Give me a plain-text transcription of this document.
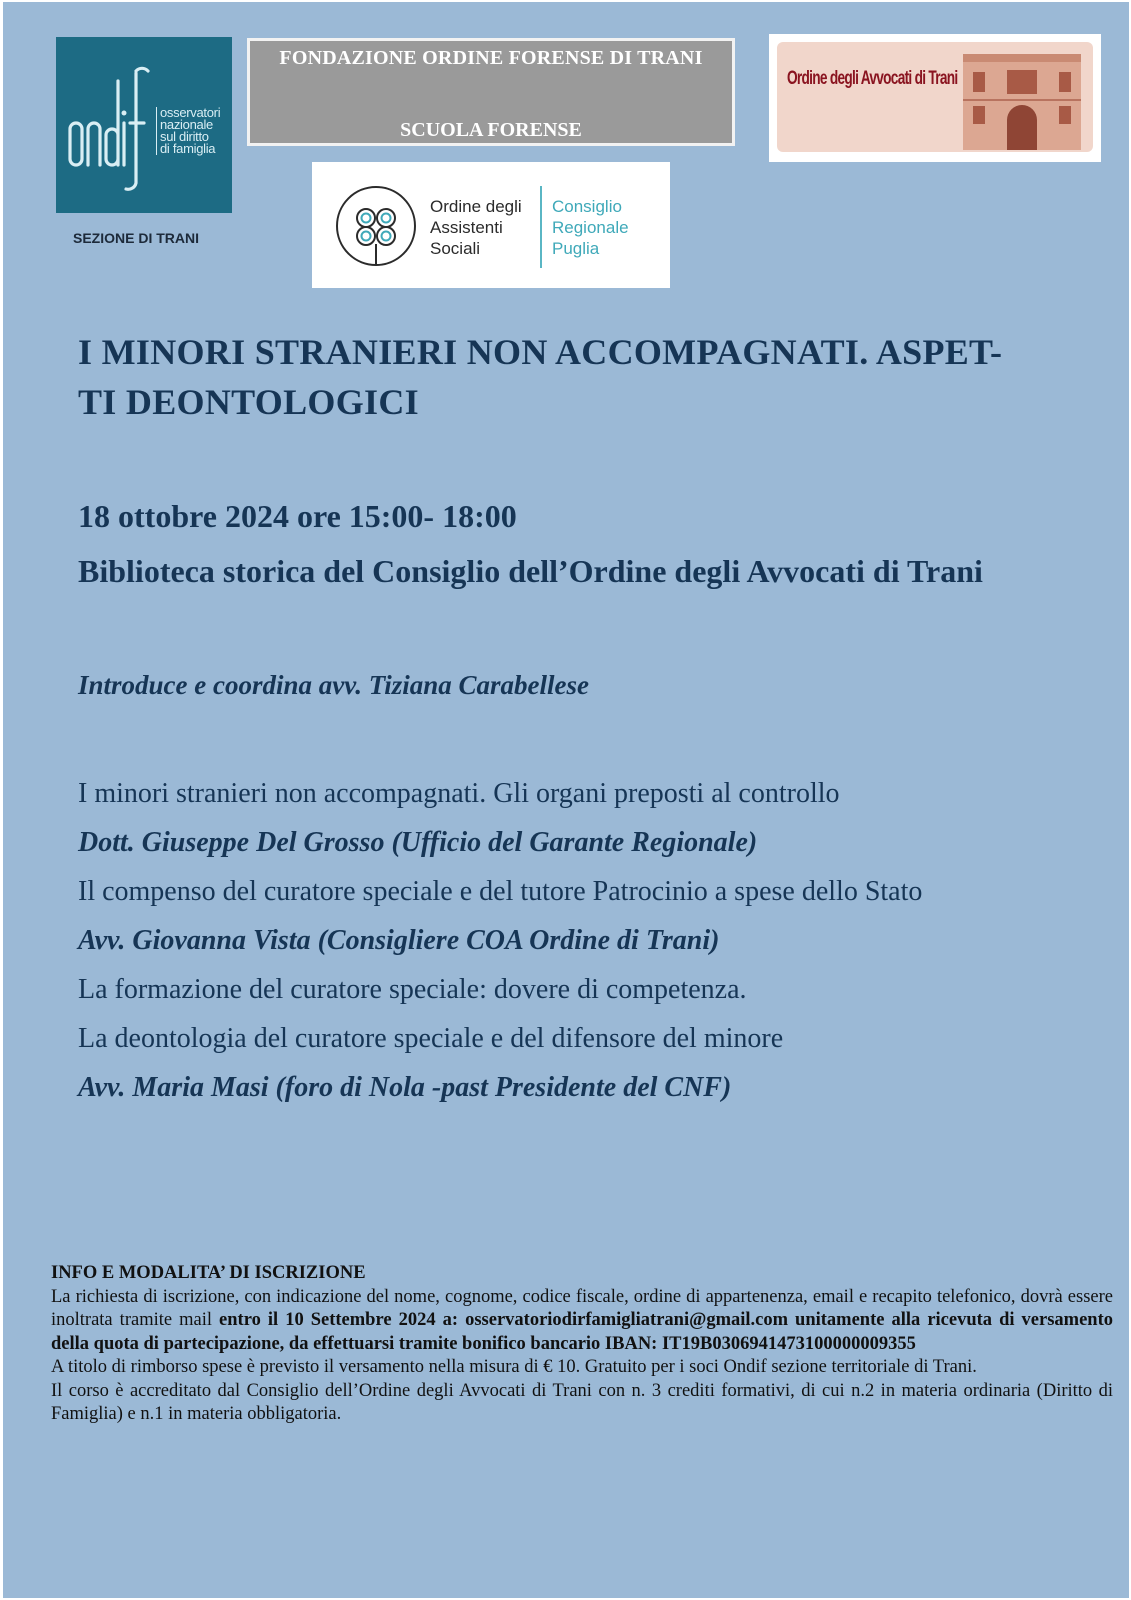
osservatori
nazionale
sul diritto
di famiglia
SEZIONE DI TRANI
FONDAZIONE ORDINE FORENSE DI TRANI
SCUOLA FORENSE
Ordine degli Avvocati di Trani
Ordine degli
Assistenti
Sociali
Consiglio
Regionale
Puglia
I MINORI STRANIERI NON ACCOMPAGNATI. ASPET-
TI DEONTOLOGICI
18 ottobre 2024 ore 15:00- 18:00
Biblioteca storica del Consiglio dell’Ordine degli Avvocati di Trani
Introduce e coordina avv. Tiziana Carabellese
I minori stranieri non accompagnati. Gli organi preposti al controllo
Dott. Giuseppe Del Grosso (Ufficio del Garante Regionale)
Il compenso del curatore speciale e del tutore Patrocinio a spese dello Stato
Avv. Giovanna Vista (Consigliere COA Ordine di Trani)
La formazione del curatore speciale: dovere di competenza.
La deontologia del curatore speciale e del difensore del minore
Avv. Maria Masi (foro di Nola -past Presidente del CNF)
INFO E MODALITA’ DI ISCRIZIONE

La richiesta di iscrizione, con indicazione del nome, cognome, codice fiscale, ordine di appartenenza, email e recapito telefonico, dovrà essere inoltrata tramite mail entro il 10 Settembre 2024 a: osservatoriodirfamigliatrani@gmail.com unitamente alla ricevuta di versamento della quota di partecipazione, da effettuarsi tramite bonifico bancario IBAN: IT19B0306941473100000009355

A titolo di rimborso spese è previsto il versamento nella misura di € 10. Gratuito per i soci Ondif sezione territoriale di Trani.

Il corso è accreditato dal Consiglio dell’Ordine degli Avvocati di Trani con n. 3 crediti formativi, di cui n.2 in materia ordinaria (Diritto di Famiglia) e n.1 in materia obbligatoria.
